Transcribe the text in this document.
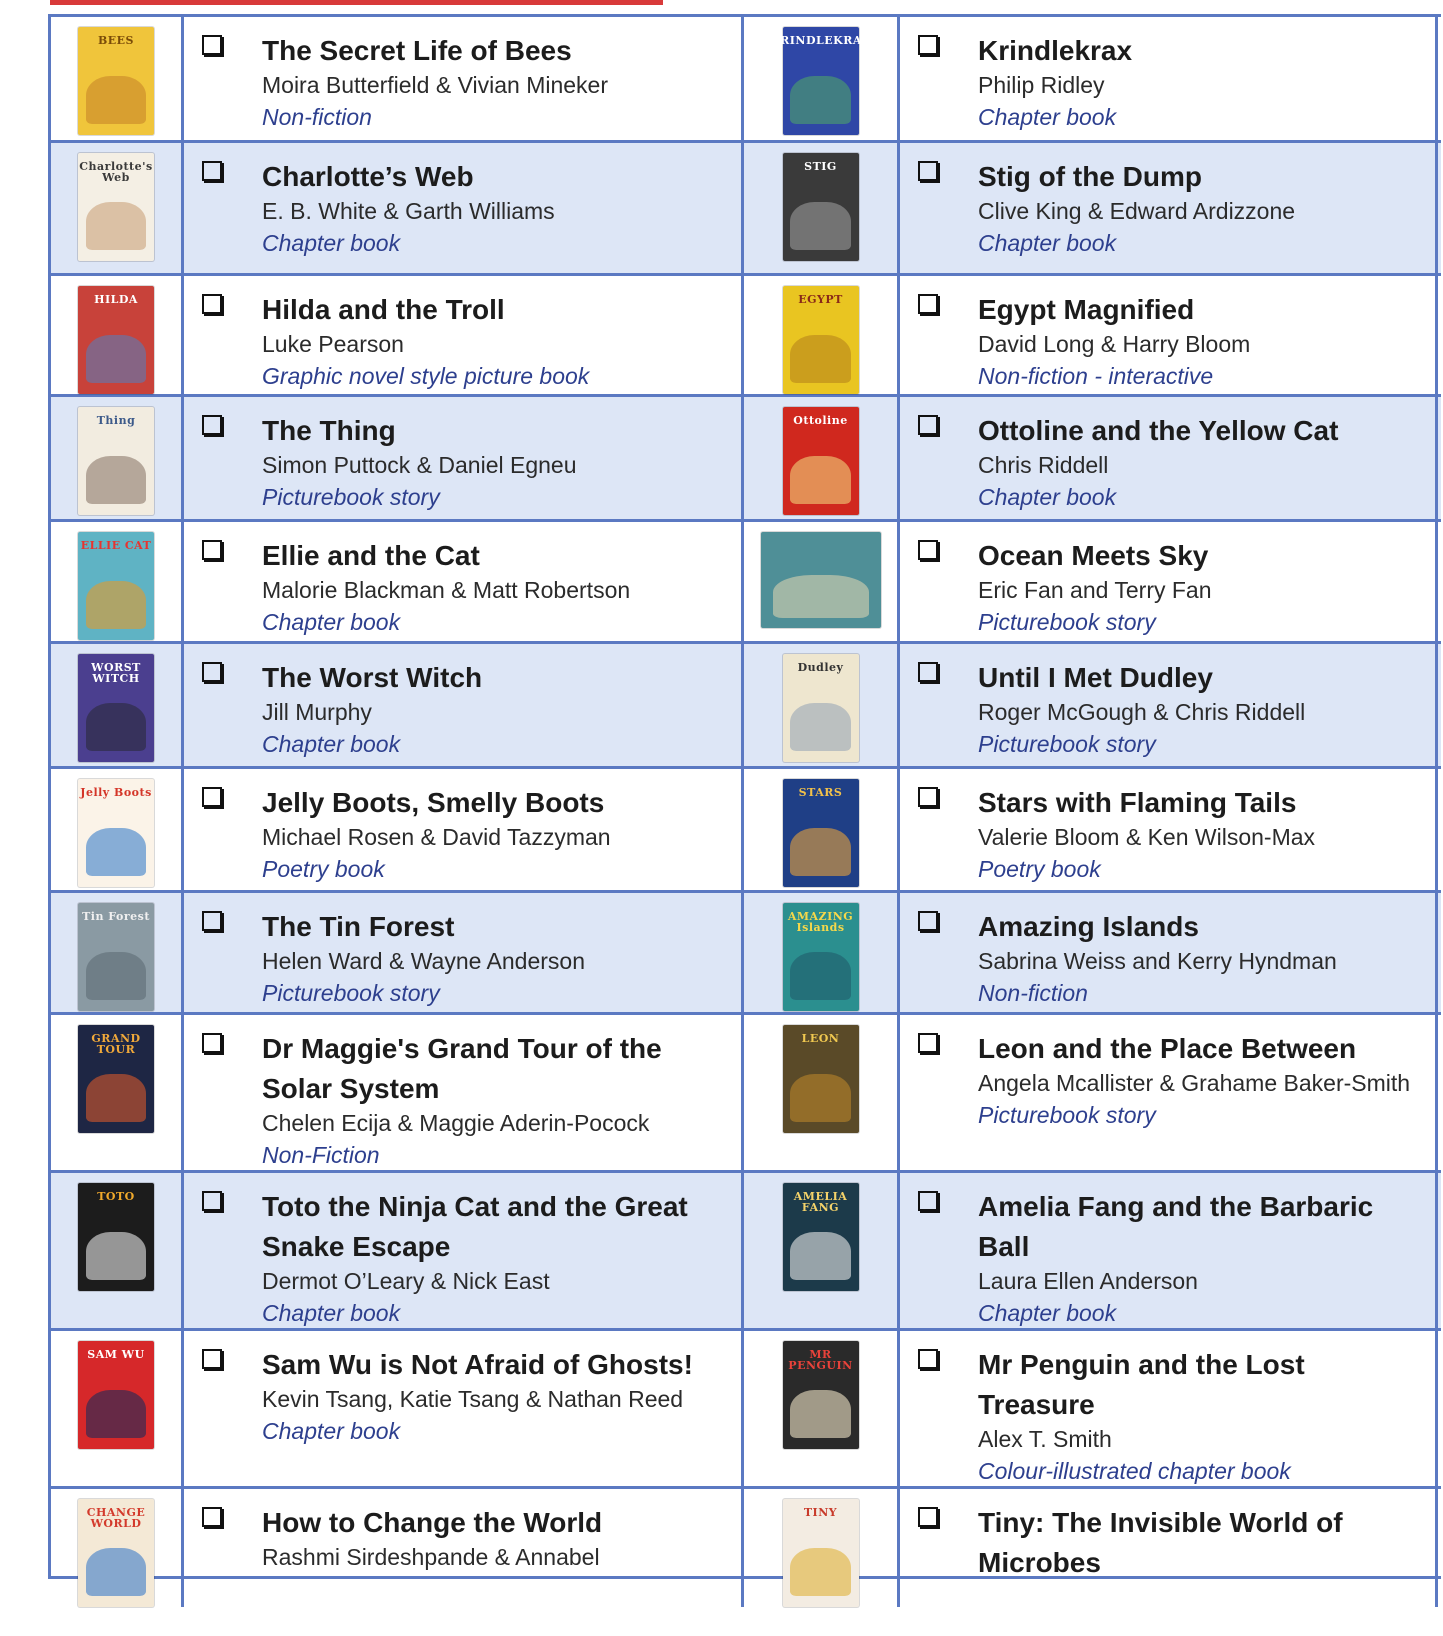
BEES	The Secret Life of Bees
Moira Butterfield & Vivian Mineker
Non-fiction
KRINDLEKRAX	Krindlekrax
Philip Ridley
Chapter book
Charlotte's Web	Charlotte’s Web
E. B. White & Garth Williams
Chapter book
STIG	Stig of the Dump
Clive King & Edward Ardizzone
Chapter book
HILDA	Hilda and the Troll
Luke Pearson
Graphic novel style picture book
EGYPT	Egypt Magnified
David Long & Harry Bloom
Non-fiction - interactive
Thing	The Thing
Simon Puttock & Daniel Egneu
Picturebook story
Ottoline	Ottoline and the Yellow Cat
Chris Riddell
Chapter book
ELLIE CAT	Ellie and the Cat
Malorie Blackman & Matt Robertson
Chapter book
Ocean Meets Sky
Eric Fan and Terry Fan
Picturebook story
WORST WITCH	The Worst Witch
Jill Murphy
Chapter book
Dudley	Until I Met Dudley
Roger McGough & Chris Riddell
Picturebook story
Jelly Boots	Jelly Boots, Smelly Boots
Michael Rosen & David Tazzyman
Poetry book
STARS	Stars with Flaming Tails
Valerie Bloom & Ken Wilson-Max
Poetry book
Tin Forest	The Tin Forest
Helen Ward & Wayne Anderson
Picturebook story
AMAZING Islands	Amazing Islands
Sabrina Weiss and Kerry Hyndman
Non-fiction
GRAND TOUR	Dr Maggie's Grand Tour of the Solar System
Chelen Ecija & Maggie Aderin-Pocock
Non-Fiction
LEON	Leon and the Place Between
Angela Mcallister & Grahame Baker-Smith
Picturebook story
TOTO	Toto the Ninja Cat and the Great Snake Escape
Dermot O’Leary & Nick East
Chapter book
AMELIA FANG	Amelia Fang and the Barbaric Ball
Laura Ellen Anderson
Chapter book
SAM WU	Sam Wu is Not Afraid of Ghosts!
Kevin Tsang, Katie Tsang & Nathan Reed
Chapter book
MR PENGUIN	Mr Penguin and the Lost Treasure
Alex T. Smith
Colour-illustrated chapter book
CHANGE WORLD	How to Change the World
Rashmi Sirdeshpande & Annabel
TINY	Tiny: The Invisible World of Microbes
